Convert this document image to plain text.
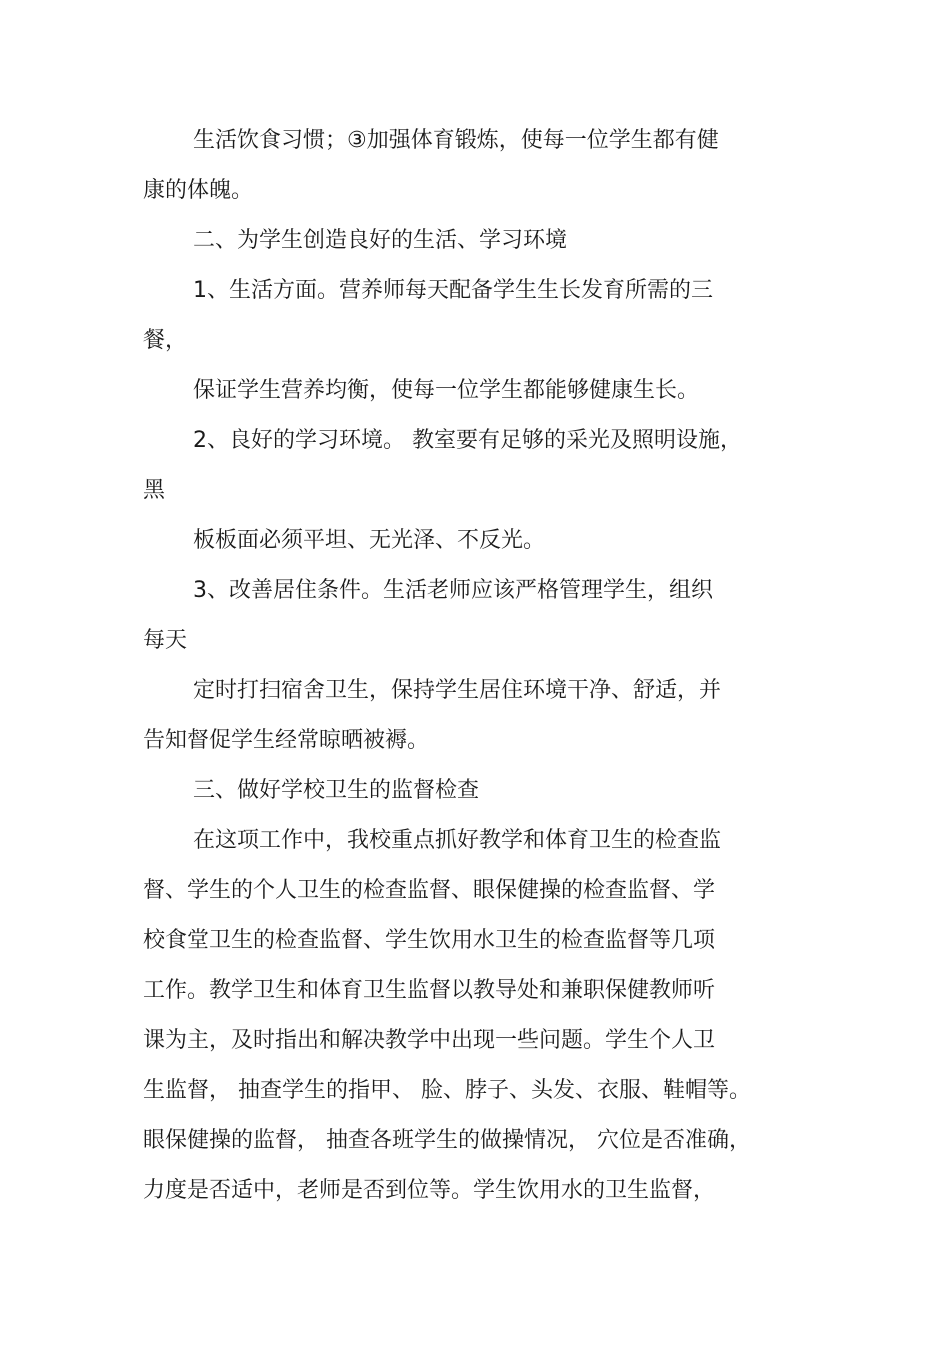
生活饮食习惯；③加强体育锻炼，使每一位学生都有健
康的体魄。
二、为学生创造良好的生活、学习环境
1、生活方面。营养师每天配备学生生长发育所需的三
餐，
保证学生营养均衡，使每一位学生都能够健康生长。
2、良好的学习环境。 教室要有足够的采光及照明设施，
黑
板板面必须平坦、无光泽、不反光。
3、改善居住条件。生活老师应该严格管理学生，组织
每天
定时打扫宿舍卫生，保持学生居住环境干净、舒适，并
告知督促学生经常晾晒被褥。
三、做好学校卫生的监督检查
在这项工作中，我校重点抓好教学和体育卫生的检查监
督、学生的个人卫生的检查监督、眼保健操的检查监督、学
校食堂卫生的检查监督、学生饮用水卫生的检查监督等几项
工作。教学卫生和体育卫生监督以教导处和兼职保健教师听
课为主，及时指出和解决教学中出现一些问题。学生个人卫
生监督， 抽查学生的指甲、 脸、脖子、头发、衣服、鞋帽等。
眼保健操的监督， 抽查各班学生的做操情况， 穴位是否准确，
力度是否适中，老师是否到位等。学生饮用水的卫生监督，
